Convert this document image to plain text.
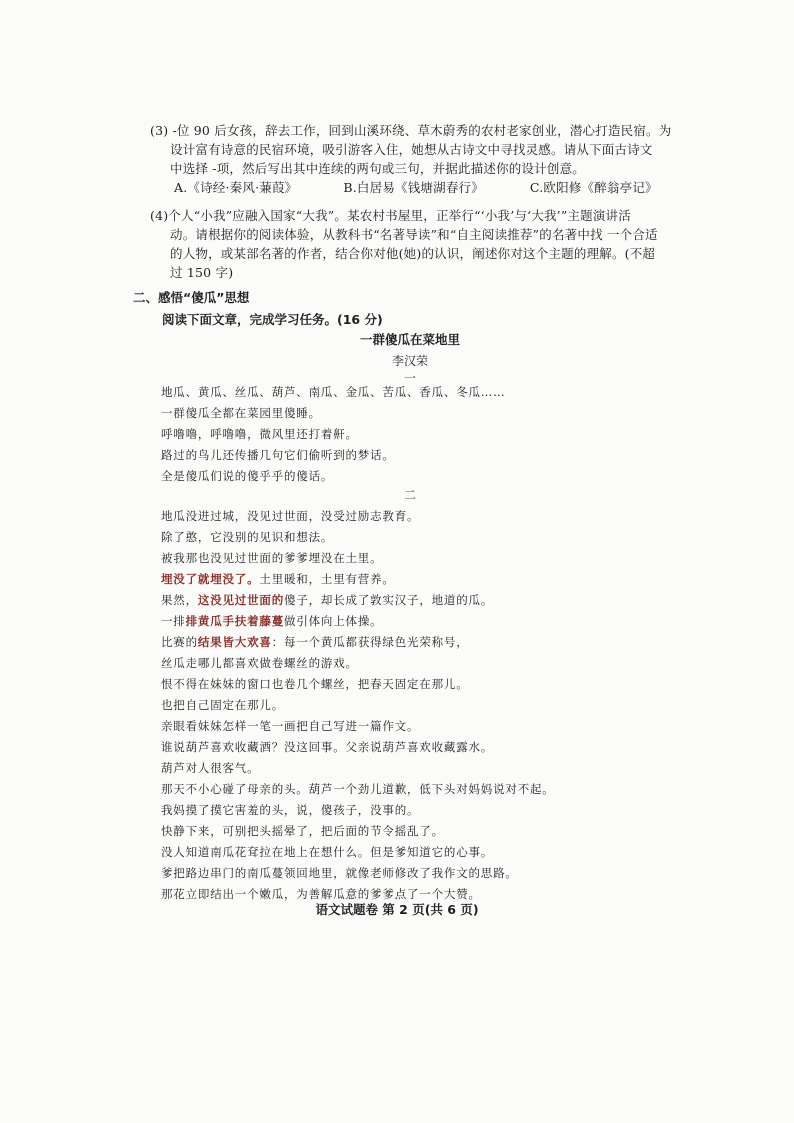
(3) -位 90 后女孩，辞去工作，回到山溪环绕、草木蔚秀的农村老家创业，潜心打造民宿。为
设计富有诗意的民宿环境，吸引游客入住，她想从古诗文中寻找灵感。请从下面古诗文
中选择 -项，然后写出其中连续的两句或三句，并据此描述你的设计创意。
A.《诗经·秦风·蒹葭》	B.白居易《钱塘湖春行》	C.欧阳修《醉翁亭记》
(4)个人“小我”应融入国家“大我”。某农村书屋里，正举行“‘小我’与‘大我’”主题演讲活
动。请根据你的阅读体验，从教科书“名著导读”和“自主阅读推荐”的名著中找 一个合适
的人物，或某部名著的作者，结合你对他(她)的认识，阐述你对这个主题的理解。(不超
过 150 字)
二、感悟“傻瓜”思想
阅读下面文章，完成学习任务。(16 分)
一群傻瓜在菜地里
李汉荣
一
地瓜、黄瓜、丝瓜、葫芦、南瓜、金瓜、苦瓜、香瓜、冬瓜……
一群傻瓜全都在菜园里傻睡。
呼噜噜，呼噜噜，微风里还打着鼾。
路过的鸟儿还传播几句它们偷听到的梦话。
全是傻瓜们说的傻乎乎的傻话。
二
地瓜没进过城，没见过世面，没受过励志教育。
除了憨，它没别的见识和想法。
被我那也没见过世面的爹爹埋没在土里。
埋没了就埋没了。土里暖和，土里有营养。
果然，这没见过世面的傻子，却长成了敦实汉子，地道的瓜。
一排排黄瓜手扶着藤蔓做引体向上体操。
比赛的结果皆大欢喜：每一个黄瓜都获得绿色光荣称号，
丝瓜走哪儿都喜欢做卷螺丝的游戏。
恨不得在妹妹的窗口也卷几个螺丝，把春天固定在那儿。
也把自己固定在那儿。
亲眼看妹妹怎样一笔一画把自己写进一篇作文。
谁说葫芦喜欢收藏酒？没这回事。父亲说葫芦喜欢收藏露水。
葫芦对人很客气。
那天不小心碰了母亲的头。葫芦一个劲儿道歉，低下头对妈妈说对不起。
我妈摸了摸它害羞的头，说，傻孩子，没事的。
快静下来，可别把头摇晕了，把后面的节令摇乱了。
没人知道南瓜花耷拉在地上在想什么。但是爹知道它的心事。
爹把路边串门的南瓜蔓领回地里，就像老师修改了我作文的思路。
那花立即结出一个嫩瓜，为善解瓜意的爹爹点了一个大赞。
语文试题卷 第 2 页(共 6 页)
